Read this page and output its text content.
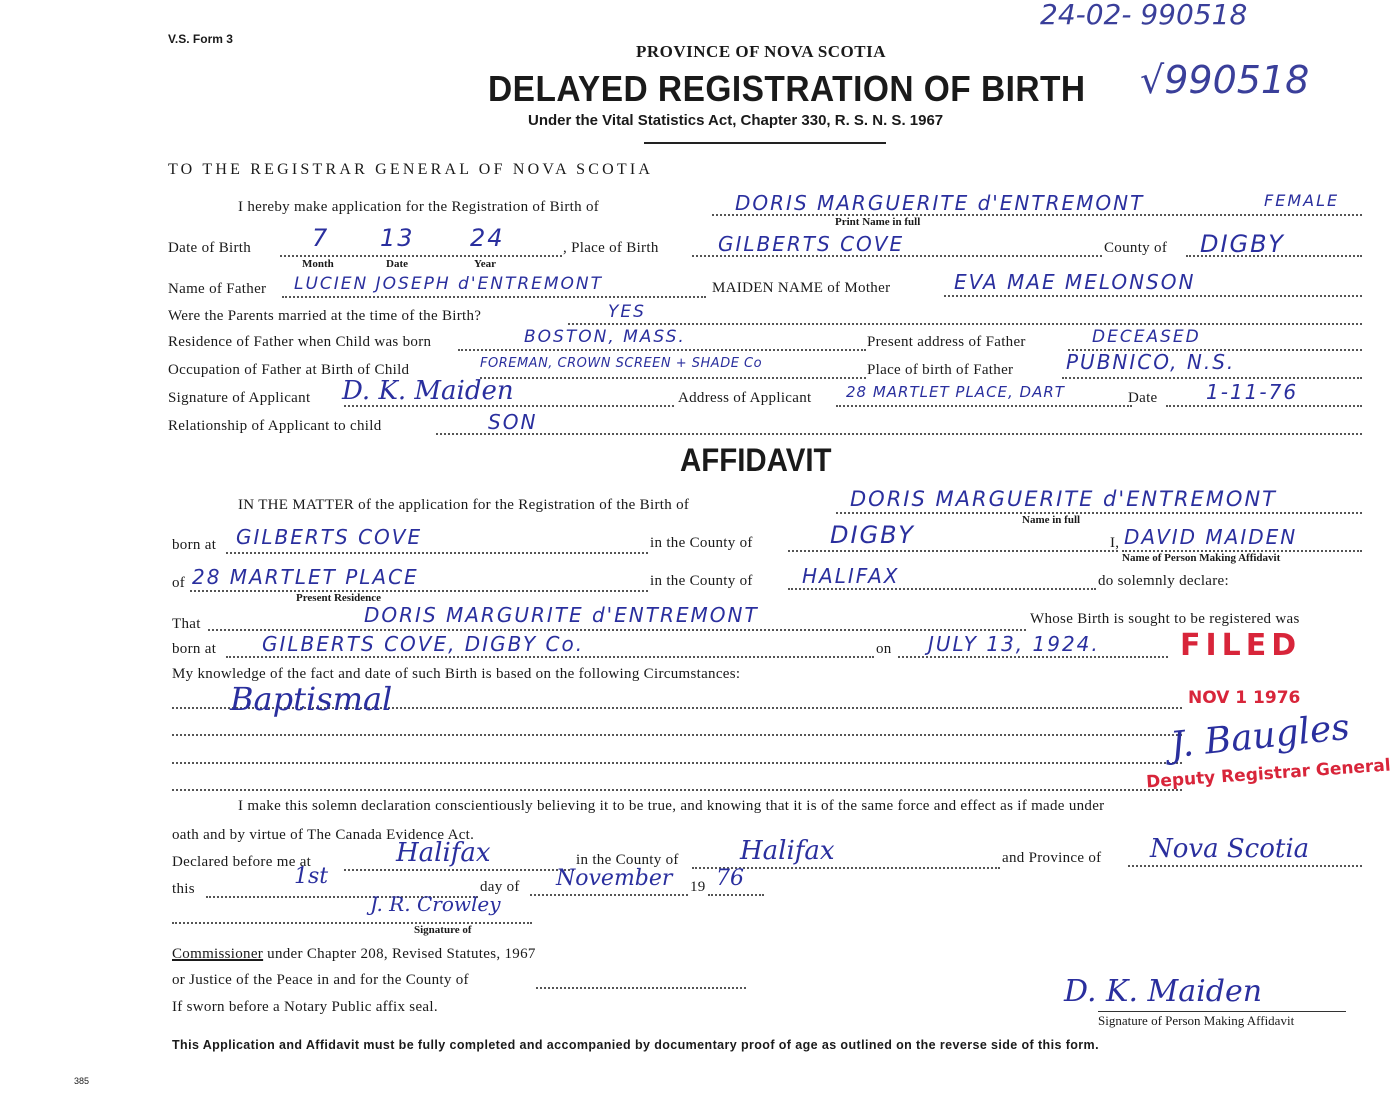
V.S. Form 3
PROVINCE OF NOVA SCOTIA
DELAYED REGISTRATION OF BIRTH
Under the Vital Statistics Act, Chapter 330, R. S. N. S. 1967
24-02- 990518
√990518
TO THE REGISTRAR GENERAL OF NOVA SCOTIA
I hereby make application for the Registration of Birth of	DORIS MARGUERITE d'ENTREMONT	FEMALE
Print Name in full
Date of Birth	7 13 24
Month	Date	Year
, Place of Birth	GILBERTS COVE	County of DIGBY
Name of Father LUCIEN JOSEPH d'ENTREMONT	MAIDEN NAME of Mother	EVA MAE MELONSON
Were the Parents married at the time of the Birth?	YES
Residence of Father when Child was born	BOSTON, MASS.	Present address of Father	DECEASED
Occupation of Father at Birth of Child	FOREMAN, CROWN SCREEN + SHADE Co	Place of birth of Father	PUBNICO, N.S.
Signature of Applicant D. K. Maiden	Address of Applicant 28 MARTLET PLACE, DART	Date 1-11-76
Relationship of Applicant to child	SON
AFFIDAVIT
IN THE MATTER of the application for the Registration of the Birth of	DORIS MARGUERITE d'ENTREMONT
Name in full
born at GILBERTS COVE	in the County of	DIGBY	I, DAVID MAIDEN
Name of Person Making Affidavit
of 28 MARTLET PLACE
Present Residence
in the County of HALIFAX	do solemnly declare:
That	DORIS MARGURITE d'ENTREMONT	Whose Birth is sought to be registered was
born at GILBERTS COVE, DIGBY Co.	on JULY 13, 1924.	FILED
My knowledge of the fact and date of such Birth is based on the following Circumstances:
Baptismal	NOV 1 1976
J. Baugles
Deputy Registrar General
I make this solemn declaration conscientiously believing it to be true, and knowing that it is of the same force and effect as if made under
oath and by virtue of The Canada Evidence Act.
Declared before me at	Halifax	in the County of Halifax	and Province of Nova Scotia
this	1st	day of November 19 76
J. R. Crowley
Signature of
Commissioner under Chapter 208, Revised Statutes, 1967
or Justice of the Peace in and for the County of
If sworn before a Notary Public affix seal.	D. K. Maiden
Signature of Person Making Affidavit
This Application and Affidavit must be fully completed and accompanied by documentary proof of age as outlined on the reverse side of this form.
385
